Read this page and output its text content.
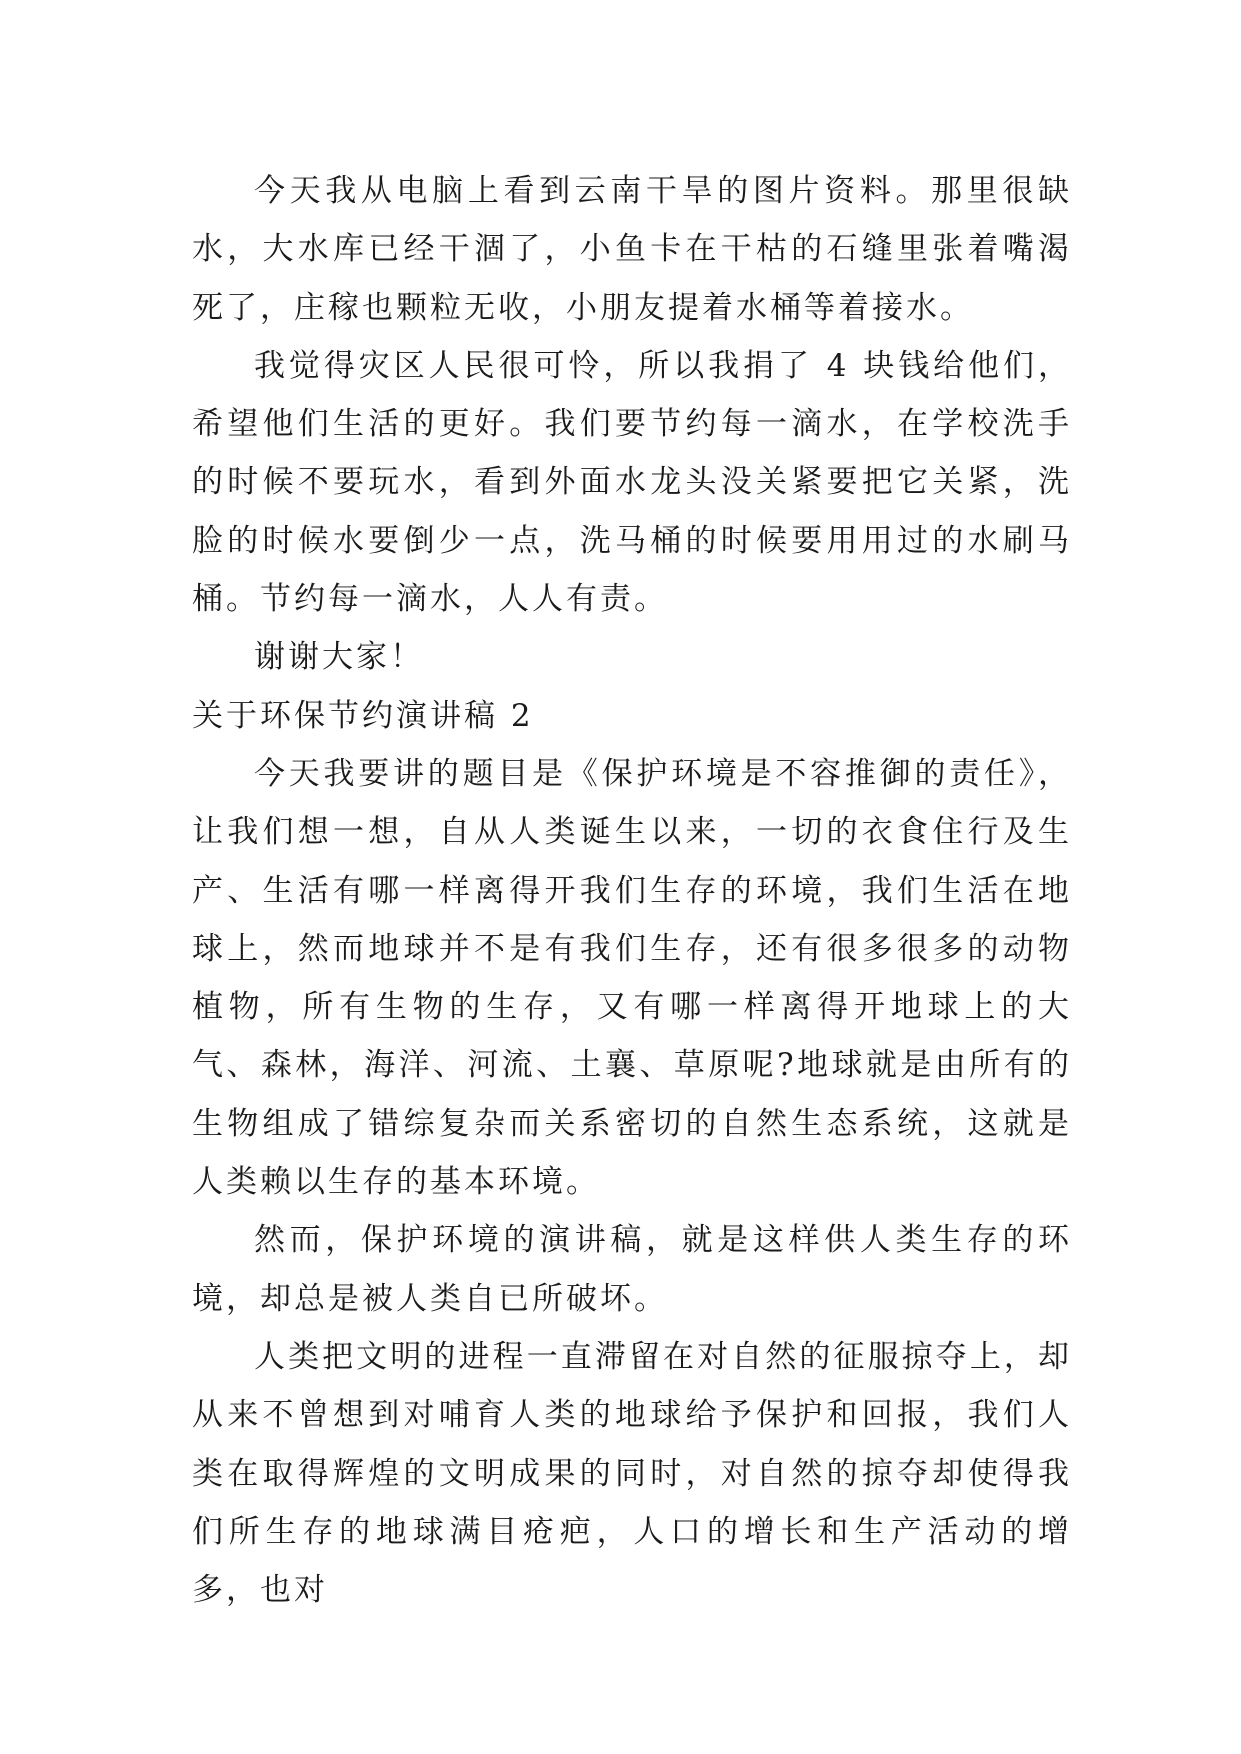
今天我从电脑上看到云南干旱的图片资料。那里很缺水，大水库已经干涸了，小鱼卡在干枯的石缝里张着嘴渴死了，庄稼也颗粒无收，小朋友提着水桶等着接水。

我觉得灾区人民很可怜，所以我捐了 4 块钱给他们，希望他们生活的更好。我们要节约每一滴水，在学校洗手的时候不要玩水，看到外面水龙头没关紧要把它关紧，洗脸的时候水要倒少一点，洗马桶的时候要用用过的水刷马桶。节约每一滴水，人人有责。

谢谢大家！

关于环保节约演讲稿 2

今天我要讲的题目是《保护环境是不容推御的责任》，让我们想一想，自从人类诞生以来，一切的衣食住行及生产、生活有哪一样离得开我们生存的环境，我们生活在地球上，然而地球并不是有我们生存，还有很多很多的动物植物，所有生物的生存，又有哪一样离得开地球上的大气、森林，海洋、河流、土襄、草原呢?地球就是由所有的生物组成了错综复杂而关系密切的自然生态系统，这就是人类赖以生存的基本环境。

然而，保护环境的演讲稿，就是这样供人类生存的环境，却总是被人类自已所破坏。

人类把文明的进程一直滞留在对自然的征服掠夺上，却从来不曾想到对哺育人类的地球给予保护和回报，我们人类在取得辉煌的文明成果的同时，对自然的掠夺却使得我们所生存的地球满目疮疤，人口的增长和生产活动的增多，也对
